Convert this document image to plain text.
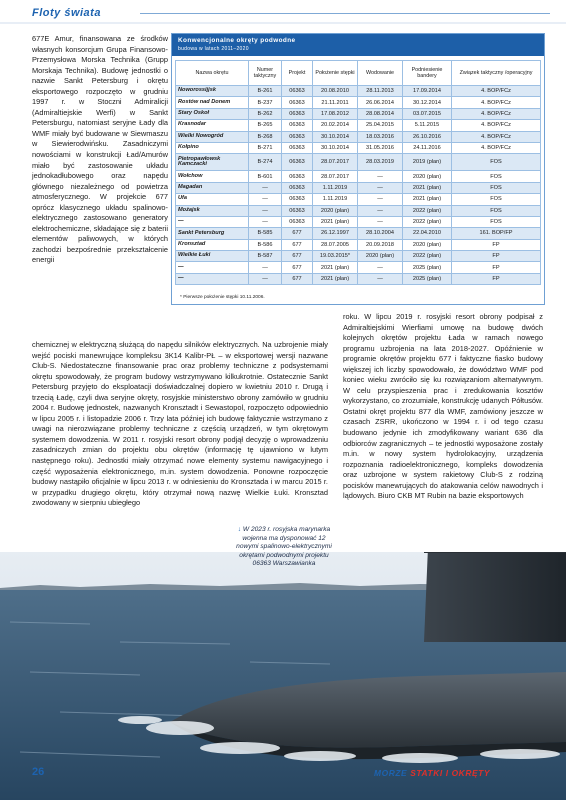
Floty świata
677E Amur, finansowana ze środków własnych konsorcjum Grupa Finansowo-Przemysłowa Morska Technika (Grupp Morskaja Technika). Budowę jednostki o nazwie Sankt Petersburg i okrętu eksportowego rozpoczęto w grudniu 1997 r. w Stoczni Admiralicji (Admiraltiejskie Werfi) w Sankt Petersburgu, natomiast seryjne Łady dla WMF miały być budowane w Siewmaszu w Siewierodwińsku. Zasadniczymi nowościami w konstrukcji Ład/Amurów miało być zastosowanie układu jednokadłubowego oraz napędu głównego niezależnego od powietrza atmosferycznego. W projekcie 677 oprócz klasycznego układu spalinowo-elektrycznego zastosowano generatory elektrochemiczne, składające się z baterii elementów paliwowych, w których zachodzi bezpośrednie przekształcenie energii
chemicznej w elektryczną służącą do napędu silników elektrycznych. Na uzbrojenie miały wejść pociski manewrujące kompleksu 3K14 Kalibr-PŁ – w eksportowej wersji nazwane Club-S. Niedostateczne finansowanie prac oraz problemy techniczne z podsystemami okrętu spowodowały, że program budowy wstrzymywano kilkukrotnie. Ostatecznie Sankt Petersburg przyjęto do eksploatacji doświadczalnej dopiero w kwietniu 2010 r. Drugą i trzecią Ładę, czyli dwa seryjne okręty, rosyjskie ministerstwo obrony zamówiło w grudniu 2004 r. Budowę jednostek, nazwanych Kronsztadt i Sewastopol, rozpoczęto odpowiednio w lipcu 2005 r. i listopadzie 2006 r. Trzy lata później ich budowę faktycznie wstrzymano z uwagi na nierozwiązane problemy techniczne z częścią urządzeń, w tym okrętowym systemem dowodzenia. W 2011 r. rosyjski resort obrony podjął decyzję o wprowadzeniu zasadniczych zmian do projektu obu okrętów (informację tę ujawniono w lutym następnego roku). Jednostki miały otrzymać nowe elementy systemu nawigacyjnego i część wyposażenia elektronicznego, m.in. system dowodzenia. Ponowne rozpoczęcie budowy nastąpiło oficjalnie w lipcu 2013 r. w odniesieniu do Kronsztada i w marcu 2015 r. w przypadku drugiego okrętu, który otrzymał nową nazwę Wielkie Łuki. Kronsztad zwodowany w sierpniu ubiegłego
roku. W lipcu 2019 r. rosyjski resort obrony podpisał z Admiraltiejskimi Wierfiami umowę na budowę dwóch kolejnych okrętów projektu Łada w ramach nowego programu uzbrojenia na lata 2018-2027. Opóźnienie w programie okrętów projektu 677 i faktyczne fiasko budowy większej ich liczby spowodowało, że dowództwo WMF pod koniec wieku zwróciło się ku rozwiązaniom alternatywnym. W celu przyspieszenia prac i zredukowania kosztów wykorzystano, co zrozumiałe, konstrukcję udanych Półtusów. Ostatni okręt projektu 877 dla WMF, zamówiony jeszcze w czasach ZSRR, ukończono w 1994 r. i od tego czasu budowano jedynie ich zmodyfikowany wariant 636 dla odbiorców zagranicznych – te jednostki wyposażone zostały m.in. w nowy system hydrolokacyjny, urządzenia rozpoznania radioelektronicznego, kompleks dowodzenia oraz uzbrojone w system rakietowy Club-S z rodziną pocisków manewrujących do atakowania celów nawodnych i lądowych. Biuro CKB MT Rubin na bazie eksportowych
Konwencjonalne okręty podwodne
budowa w latach 2011–2020
Nazwa okrętu	Numer taktyczny	Projekt	Położenie stępki	Wodowanie	Podniesienie bandery	Związek taktyczny /operacyjny
Noworossĳjsk	B-261	06363	20.08.2010	28.11.2013	17.09.2014	4. BOP/FCz
Rostów nad Donem	B-237	06363	21.11.2011	26.06.2014	30.12.2014	4. BOP/FCz
Stary Oskoł	B-262	06363	17.08.2012	28.08.2014	03.07.2015	4. BOP/FCz
Krasnodar	B-265	06363	20.02.2014	25.04.2015	5.11.2015	4. BOP/FCz
Wielki Nowogród	B-268	06363	30.10.2014	18.03.2016	26.10.2016	4. BOP/FCz
Kołpino	B-271	06363	30.10.2014	31.05.2016	24.11.2016	4. BOP/FCz
Pietropawłowsk Kamczacki	B-274	06363	28.07.2017	28.03.2019	2019 (plan)	FOS
Wołchow	B-601	06363	28.07.2017	—	2020 (plan)	FOS
Magadan	—	06363	1.11.2019	—	2021 (plan)	FOS
Ufa	—	06363	1.11.2019	—	2021 (plan)	FOS
Możajsk	—	06363	2020 (plan)	—	2022 (plan)	FOS
—	—	06363	2021 (plan)	—	2022 (plan)	FOS
Sankt Petersburg	B-585	677	26.12.1997	28.10.2004	22.04.2010	161. BOP/FP
Kronsztad	B-586	677	28.07.2005	20.09.2018	2020 (plan)	FP
Wielkie Łuki	B-587	677	19.03.2015*	2020 (plan)	2022 (plan)	FP
—	—	677	2021 (plan)	—	2025 (plan)	FP
—	—	677	2021 (plan)	—	2025 (plan)	FP
* Pierwsze położenie stępki 10.11.2006.
↓ W 2023 r. rosyjska marynarka wojenna ma dysponować 12 nowymi spalinowo-elektrycznymi okrętami podwodnymi projektu 06363 Warszawianka
26	MORZE STATKI I OKRĘTY
